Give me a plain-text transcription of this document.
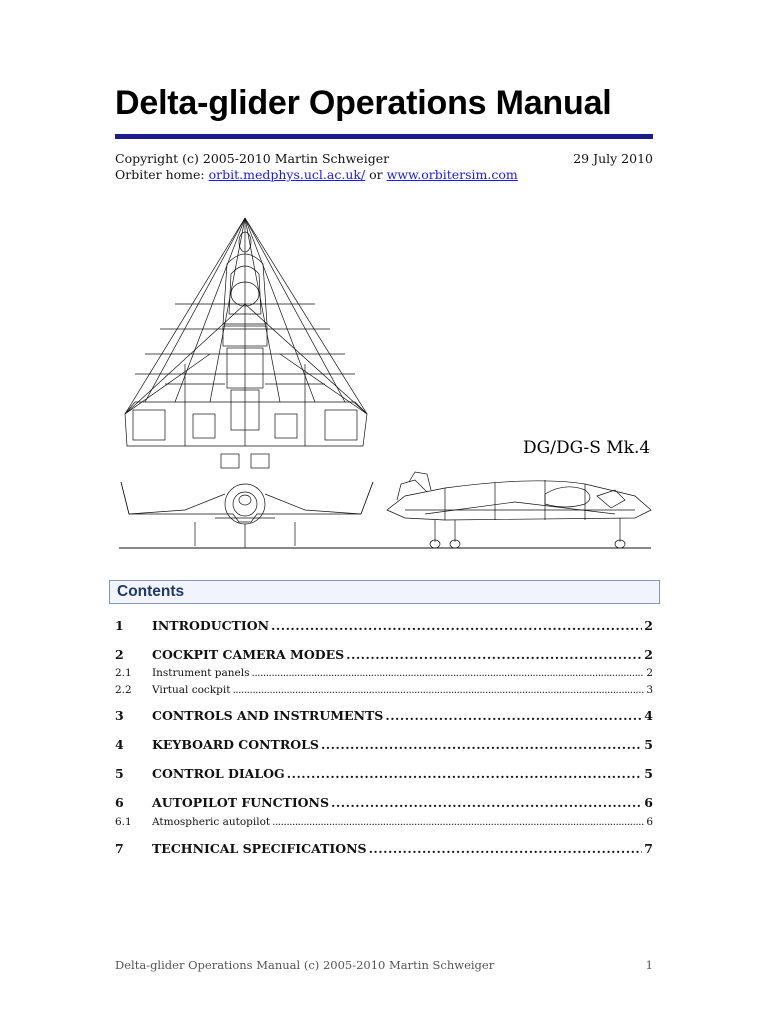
Delta-glider Operations Manual
Copyright (c) 2005-2010 Martin Schweiger	29 July 2010
Orbiter home: orbit.medphys.ucl.ac.uk/ or www.orbitersim.com
DG/DG-S Mk.4
Contents
1	INTRODUCTION .....	2
2	COCKPIT CAMERA MODES .....	2
2.1	Instrument panels .....	2
2.2	Virtual cockpit .....	3
3	CONTROLS AND INSTRUMENTS .....	4
4	KEYBOARD CONTROLS .....	5
5	CONTROL DIALOG .....	5
6	AUTOPILOT FUNCTIONS .....	6
6.1	Atmospheric autopilot .....	6
7	TECHNICAL SPECIFICATIONS .....	7
Delta-glider Operations Manual (c) 2005-2010 Martin Schweiger	1
